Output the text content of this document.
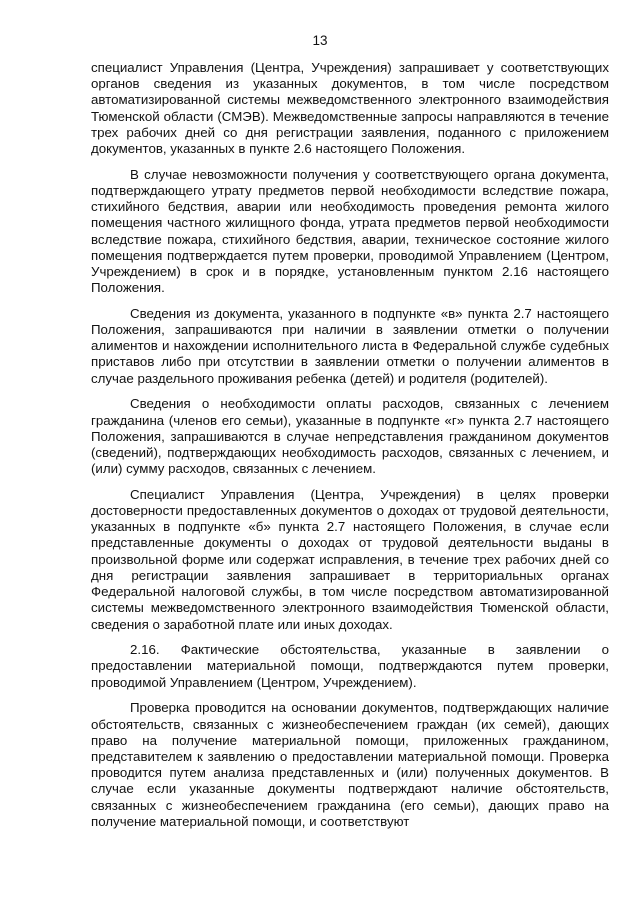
13

специалист Управления (Центра, Учреждения) запрашивает у соответствующих органов сведения из указанных документов, в том числе посредством автоматизированной системы межведомственного электронного взаимодействия Тюменской области (СМЭВ). Межведомственные запросы направляются в течение трех рабочих дней со дня регистрации заявления, поданного с приложением документов, указанных в пункте 2.6 настоящего Положения.

В случае невозможности получения у соответствующего органа документа, подтверждающего утрату предметов первой необходимости вследствие пожара, стихийного бедствия, аварии или необходимость проведения ремонта жилого помещения частного жилищного фонда, утрата предметов первой необходимости вследствие пожара, стихийного бедствия, аварии, техническое состояние жилого помещения подтверждается путем проверки, проводимой Управлением (Центром, Учреждением) в срок и в порядке, установленным пунктом 2.16 настоящего Положения.

Сведения из документа, указанного в подпункте «в» пункта 2.7 настоящего Положения, запрашиваются при наличии в заявлении отметки о получении алиментов и нахождении исполнительного листа в Федеральной службе судебных приставов либо при отсутствии в заявлении отметки о получении алиментов в случае раздельного проживания ребенка (детей) и родителя (родителей).

Сведения о необходимости оплаты расходов, связанных с лечением гражданина (членов его семьи), указанные в подпункте «г» пункта 2.7 настоящего Положения, запрашиваются в случае непредставления гражданином документов (сведений), подтверждающих необходимость расходов, связанных с лечением, и (или) сумму расходов, связанных с лечением.

Специалист Управления (Центра, Учреждения) в целях проверки достоверности предоставленных документов о доходах от трудовой деятельности, указанных в подпункте «б» пункта 2.7 настоящего Положения, в случае если представленные документы о доходах от трудовой деятельности выданы в произвольной форме или содержат исправления, в течение трех рабочих дней со дня регистрации заявления запрашивает в территориальных органах Федеральной налоговой службы, в том числе посредством автоматизированной системы межведомственного электронного взаимодействия Тюменской области, сведения о заработной плате или иных доходах.

2.16. Фактические обстоятельства, указанные в заявлении о предоставлении материальной помощи, подтверждаются путем проверки, проводимой Управлением (Центром, Учреждением).

Проверка проводится на основании документов, подтверждающих наличие обстоятельств, связанных с жизнеобеспечением граждан (их семей), дающих право на получение материальной помощи, приложенных гражданином, представителем к заявлению о предоставлении материальной помощи. Проверка проводится путем анализа представленных и (или) полученных документов. В случае если указанные документы подтверждают наличие обстоятельств, связанных с жизнеобеспечением гражданина (его семьи), дающих право на получение материальной помощи, и соответствуют
